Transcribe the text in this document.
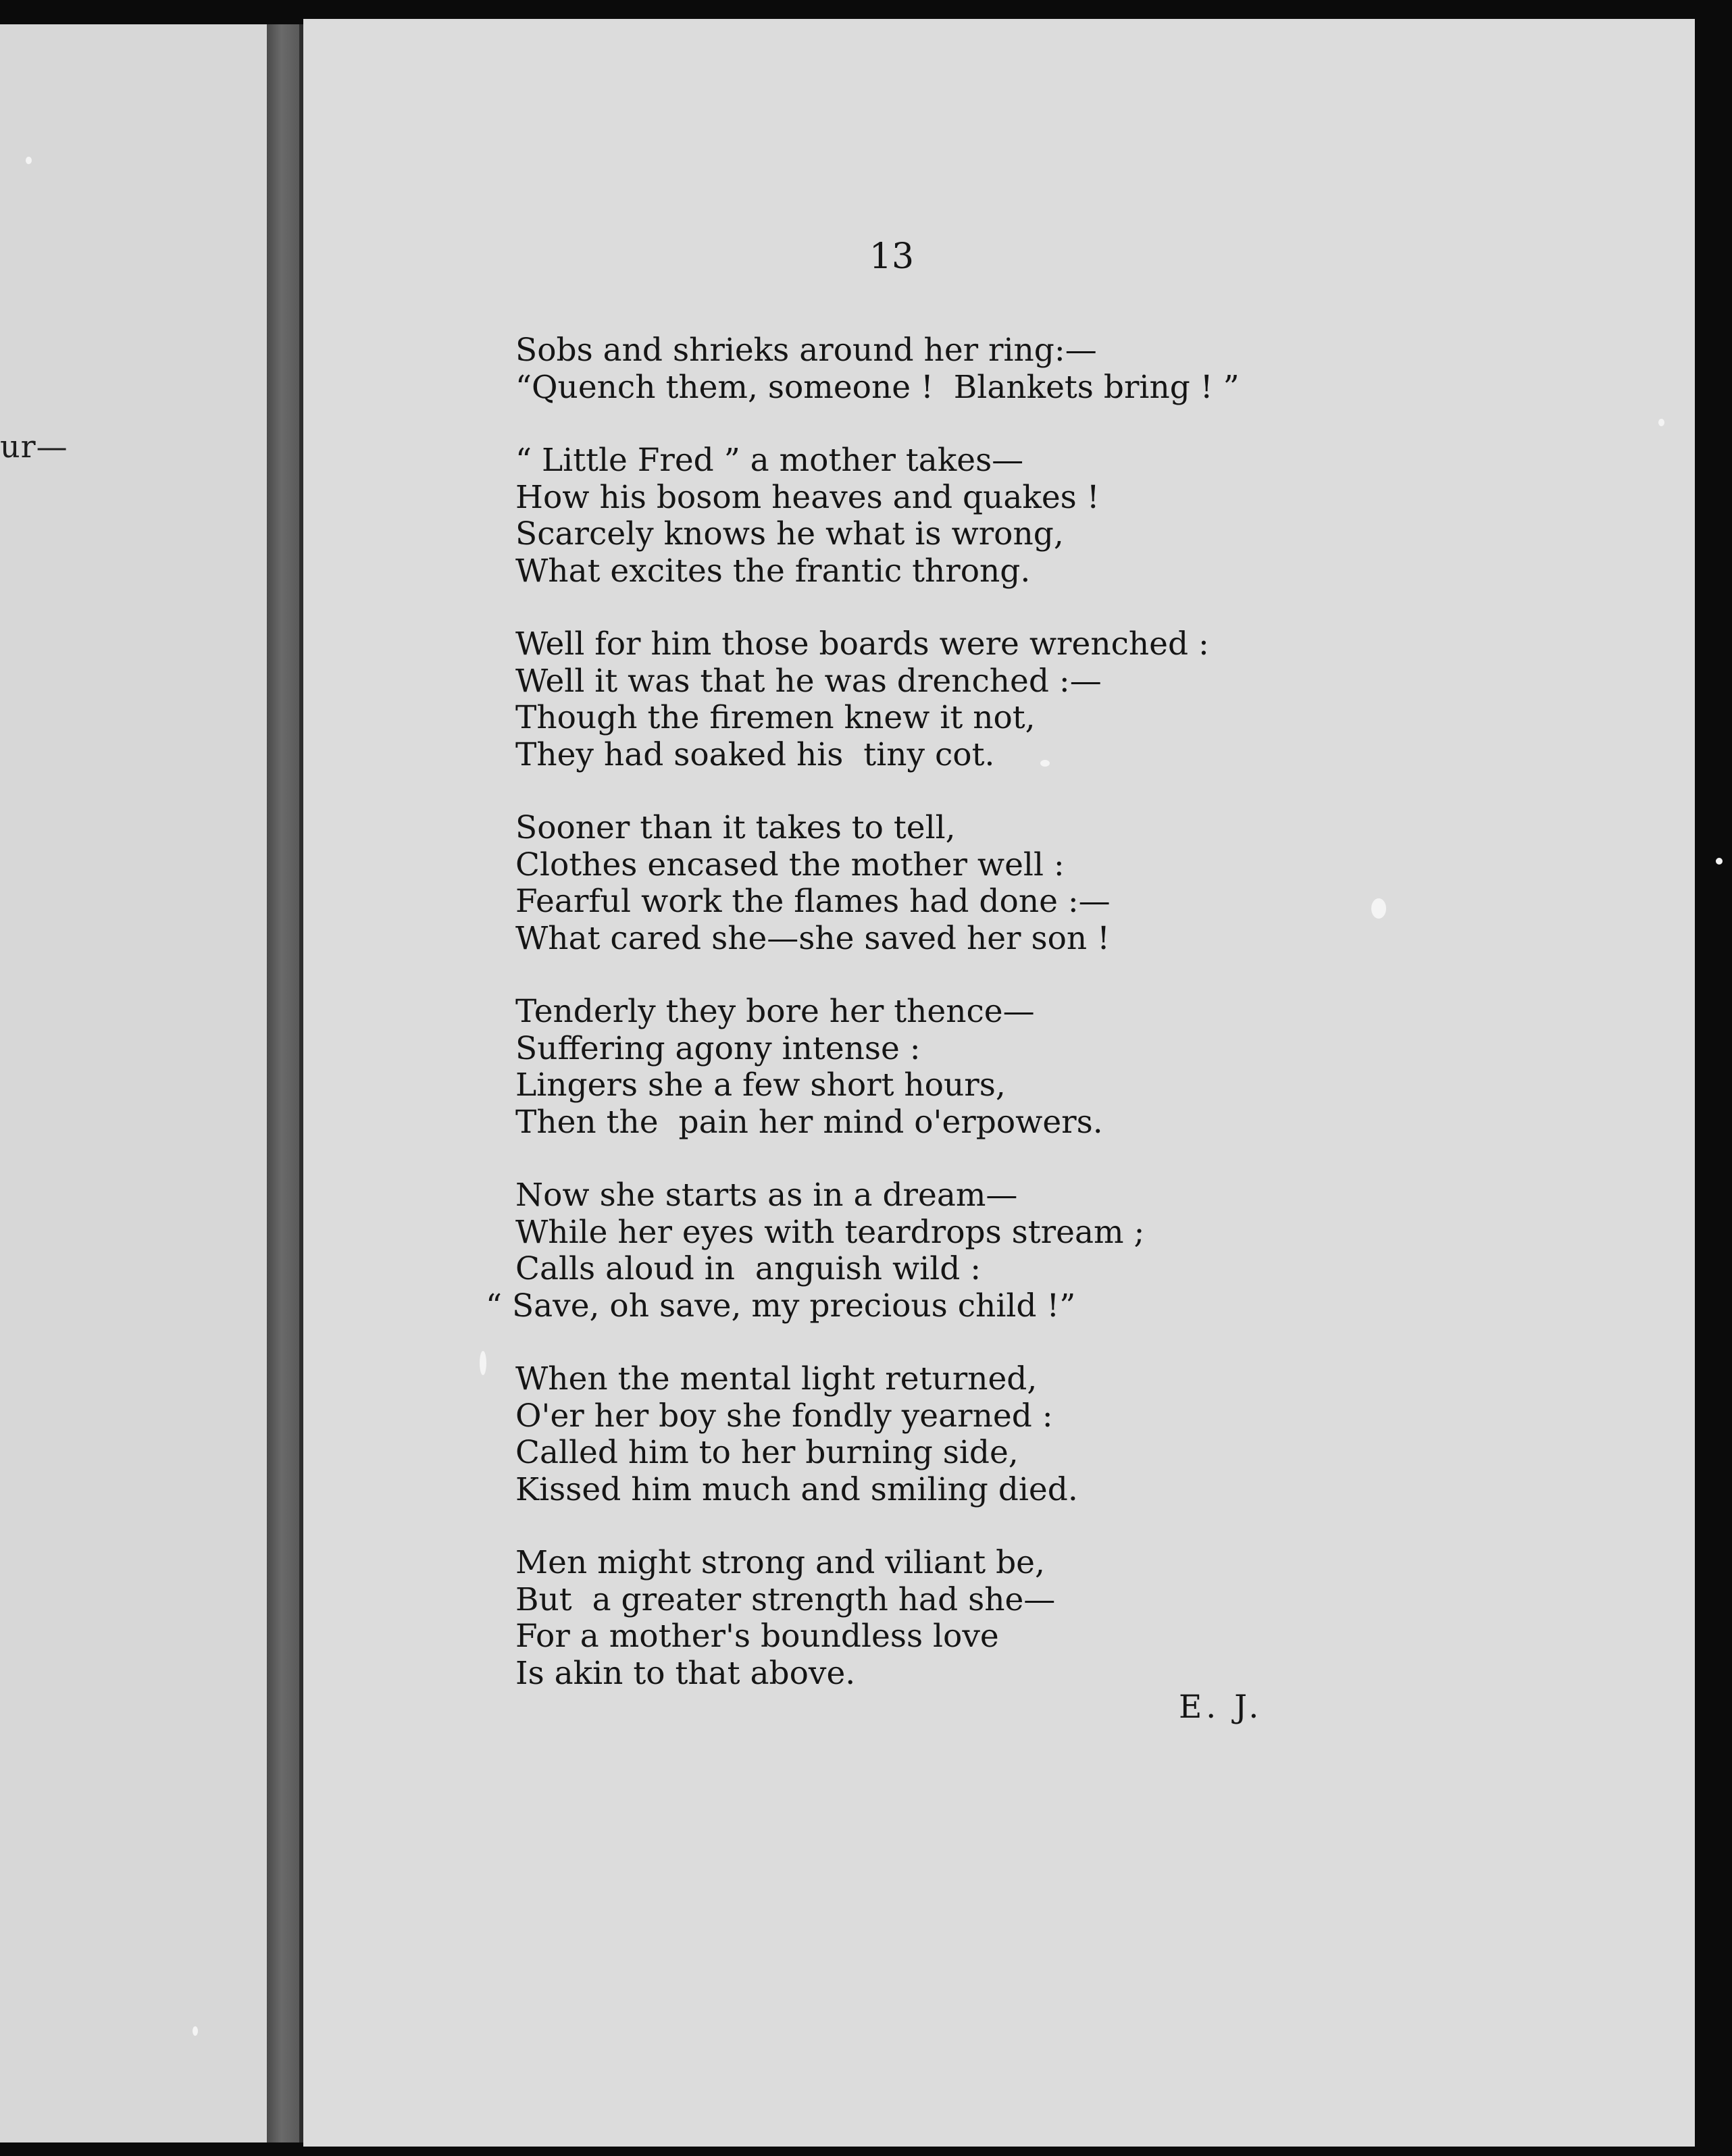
ur—
13
Sobs and shrieks around her ring:—
“Quench them, someone !  Blankets bring ! ”
“ Little Fred ” a mother takes—
How his bosom heaves and quakes !
Scarcely knows he what is wrong,
What excites the frantic throng.
Well for him those boards were wrenched :
Well it was that he was drenched :—
Though the firemen knew it not,
They had soaked his  tiny cot.
Sooner than it takes to tell,
Clothes encased the mother well :
Fearful work the flames had done :—
What cared she—she saved her son !
Tenderly they bore her thence—
Suffering agony intense :
Lingers she a few short hours,
Then the  pain her mind o'erpowers.
Now she starts as in a dream—
While her eyes with teardrops stream ;
Calls aloud in  anguish wild :
“ Save, oh save, my precious child !”
When the mental light returned,
O'er her boy she fondly yearned :
Called him to her burning side,
Kissed him much and smiling died.
Men might strong and viliant be,
But  a greater strength had she—
For a mother's boundless love
Is akin to that above.
E. J.
